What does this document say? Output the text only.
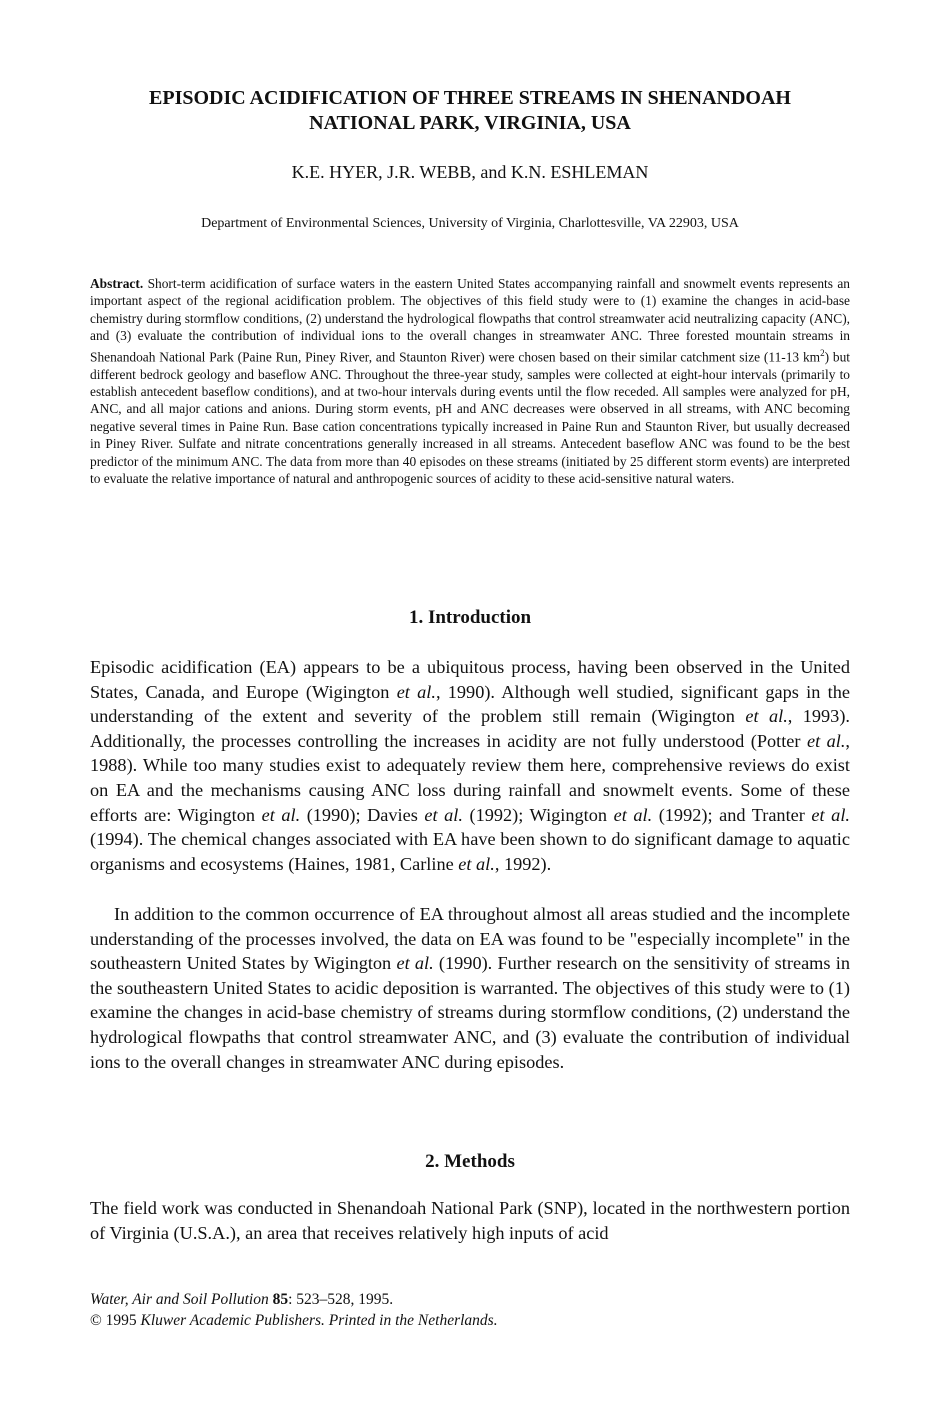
EPISODIC ACIDIFICATION OF THREE STREAMS IN SHENANDOAH
NATIONAL PARK, VIRGINIA, USA

K.E. HYER, J.R. WEBB, and K.N. ESHLEMAN

Department of Environmental Sciences, University of Virginia, Charlottesville, VA 22903, USA

Abstract. Short-term acidification of surface waters in the eastern United States accompanying rainfall and snowmelt events represents an important aspect of the regional acidification problem. The objectives of this field study were to (1) examine the changes in acid-base chemistry during stormflow conditions, (2) understand the hydrological flowpaths that control streamwater acid neutralizing capacity (ANC), and (3) evaluate the contribution of individual ions to the overall changes in streamwater ANC. Three forested mountain streams in Shenandoah National Park (Paine Run, Piney River, and Staunton River) were chosen based on their similar catchment size (11-13 $km^2$) but different bedrock geology and baseflow ANC. Throughout the three-year study, samples were collected at eight-hour intervals (primarily to establish antecedent baseflow conditions), and at two-hour intervals during events until the flow receded. All samples were analyzed for pH, ANC, and all major cations and anions. During storm events, pH and ANC decreases were observed in all streams, with ANC becoming negative several times in Paine Run. Base cation concentrations typically increased in Paine Run and Staunton River, but usually decreased in Piney River. Sulfate and nitrate concentrations generally increased in all streams. Antecedent baseflow ANC was found to be the best predictor of the minimum ANC. The data from more than 40 episodes on these streams (initiated by 25 different storm events) are interpreted to evaluate the relative importance of natural and anthropogenic sources of acidity to these acid-sensitive natural waters.

1. Introduction

Episodic acidification (EA) appears to be a ubiquitous process, having been observed in the United States, Canada, and Europe (Wigington et al., 1990). Although well studied, significant gaps in the understanding of the extent and severity of the problem still remain (Wigington et al., 1993). Additionally, the processes controlling the increases in acidity are not fully understood (Potter et al., 1988). While too many studies exist to adequately review them here, comprehensive reviews do exist on EA and the mechanisms causing ANC loss during rainfall and snowmelt events. Some of these efforts are: Wigington et al. (1990); Davies et al. (1992); Wigington et al. (1992); and Tranter et al. (1994). The chemical changes associated with EA have been shown to do significant damage to aquatic organisms and ecosystems (Haines, 1981, Carline et al., 1992).

In addition to the common occurrence of EA throughout almost all areas studied and the incomplete understanding of the processes involved, the data on EA was found to be "especially incomplete" in the southeastern United States by Wigington et al. (1990). Further research on the sensitivity of streams in the southeastern United States to acidic deposition is warranted. The objectives of this study were to (1) examine the changes in acid-base chemistry of streams during stormflow conditions, (2) understand the hydrological flowpaths that control streamwater ANC, and (3) evaluate the contribution of individual ions to the overall changes in streamwater ANC during episodes.

2. Methods

The field work was conducted in Shenandoah National Park (SNP), located in the northwestern portion of Virginia (U.S.A.), an area that receives relatively high inputs of acid

Water, Air and Soil Pollution 85: 523–528, 1995.
© 1995 Kluwer Academic Publishers. Printed in the Netherlands.
